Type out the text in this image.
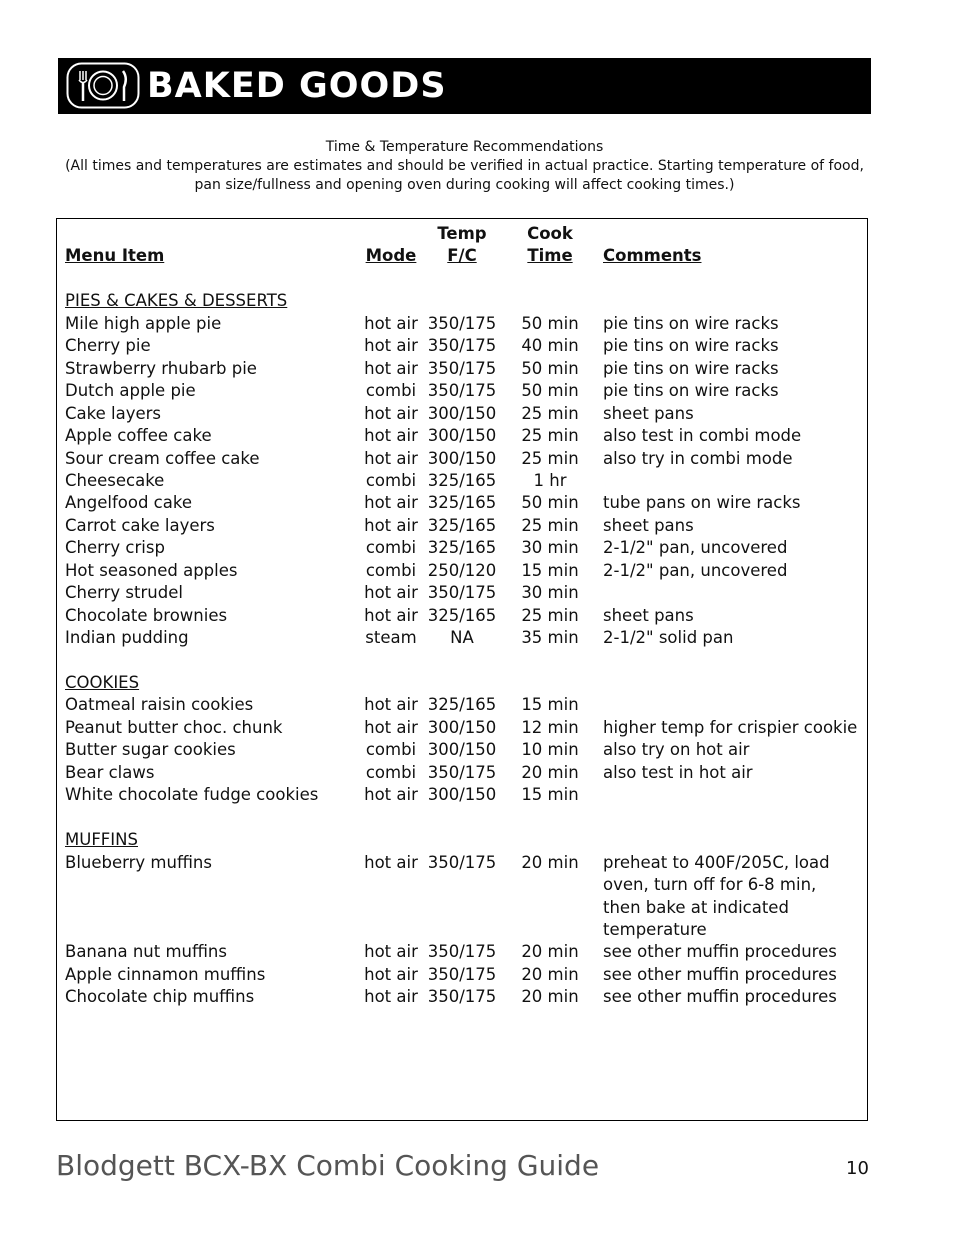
BAKED GOODS
Time & Temperature Recommendations
(All times and temperatures are estimates and should be verified in actual practice. Starting temperature of food,
pan size/fullness and opening oven during cooking will affect cooking times.)
Temp	Cook
Menu Item	Mode	F/C	Time	Comments
PIES & CAKES & DESSERTS
Mile high apple pie	hot air 350/175	50 min	pie tins on wire racks
Cherry pie	hot air 350/175	40 min	pie tins on wire racks
Strawberry rhubarb pie	hot air 350/175	50 min	pie tins on wire racks
Dutch apple pie	combi 350/175	50 min	pie tins on wire racks
Cake layers	hot air 300/150	25 min	sheet pans
Apple coffee cake	hot air 300/150	25 min	also test in combi mode
Sour cream coffee cake	hot air 300/150	25 min	also try in combi mode
Cheesecake	combi 325/165	1 hr
Angelfood cake	hot air 325/165	50 min	tube pans on wire racks
Carrot cake layers	hot air 325/165	25 min	sheet pans
Cherry crisp	combi 325/165	30 min	2-1/2" pan, uncovered
Hot seasoned apples	combi 250/120	15 min	2-1/2" pan, uncovered
Cherry strudel	hot air 350/175	30 min
Chocolate brownies	hot air 325/165	25 min	sheet pans
Indian pudding	steam	NA	35 min	2-1/2" solid pan
COOKIES
Oatmeal raisin cookies	hot air 325/165	15 min
Peanut butter choc. chunk	hot air 300/150	12 min	higher temp for crispier cookie
Butter sugar cookies	combi 300/150	10 min	also try on hot air
Bear claws	combi 350/175	20 min	also test in hot air
White chocolate fudge cookies	hot air 300/150	15 min
MUFFINS
Blueberry muffins	hot air 350/175	20 min	preheat to 400F/205C, load
oven, turn off for 6-8 min,
then bake at indicated
temperature
Banana nut muffins	hot air 350/175	20 min	see other muffin procedures
Apple cinnamon muffins	hot air 350/175	20 min	see other muffin procedures
Chocolate chip muffins	hot air 350/175	20 min	see other muffin procedures
Blodgett BCX-BX Combi Cooking Guide	10
